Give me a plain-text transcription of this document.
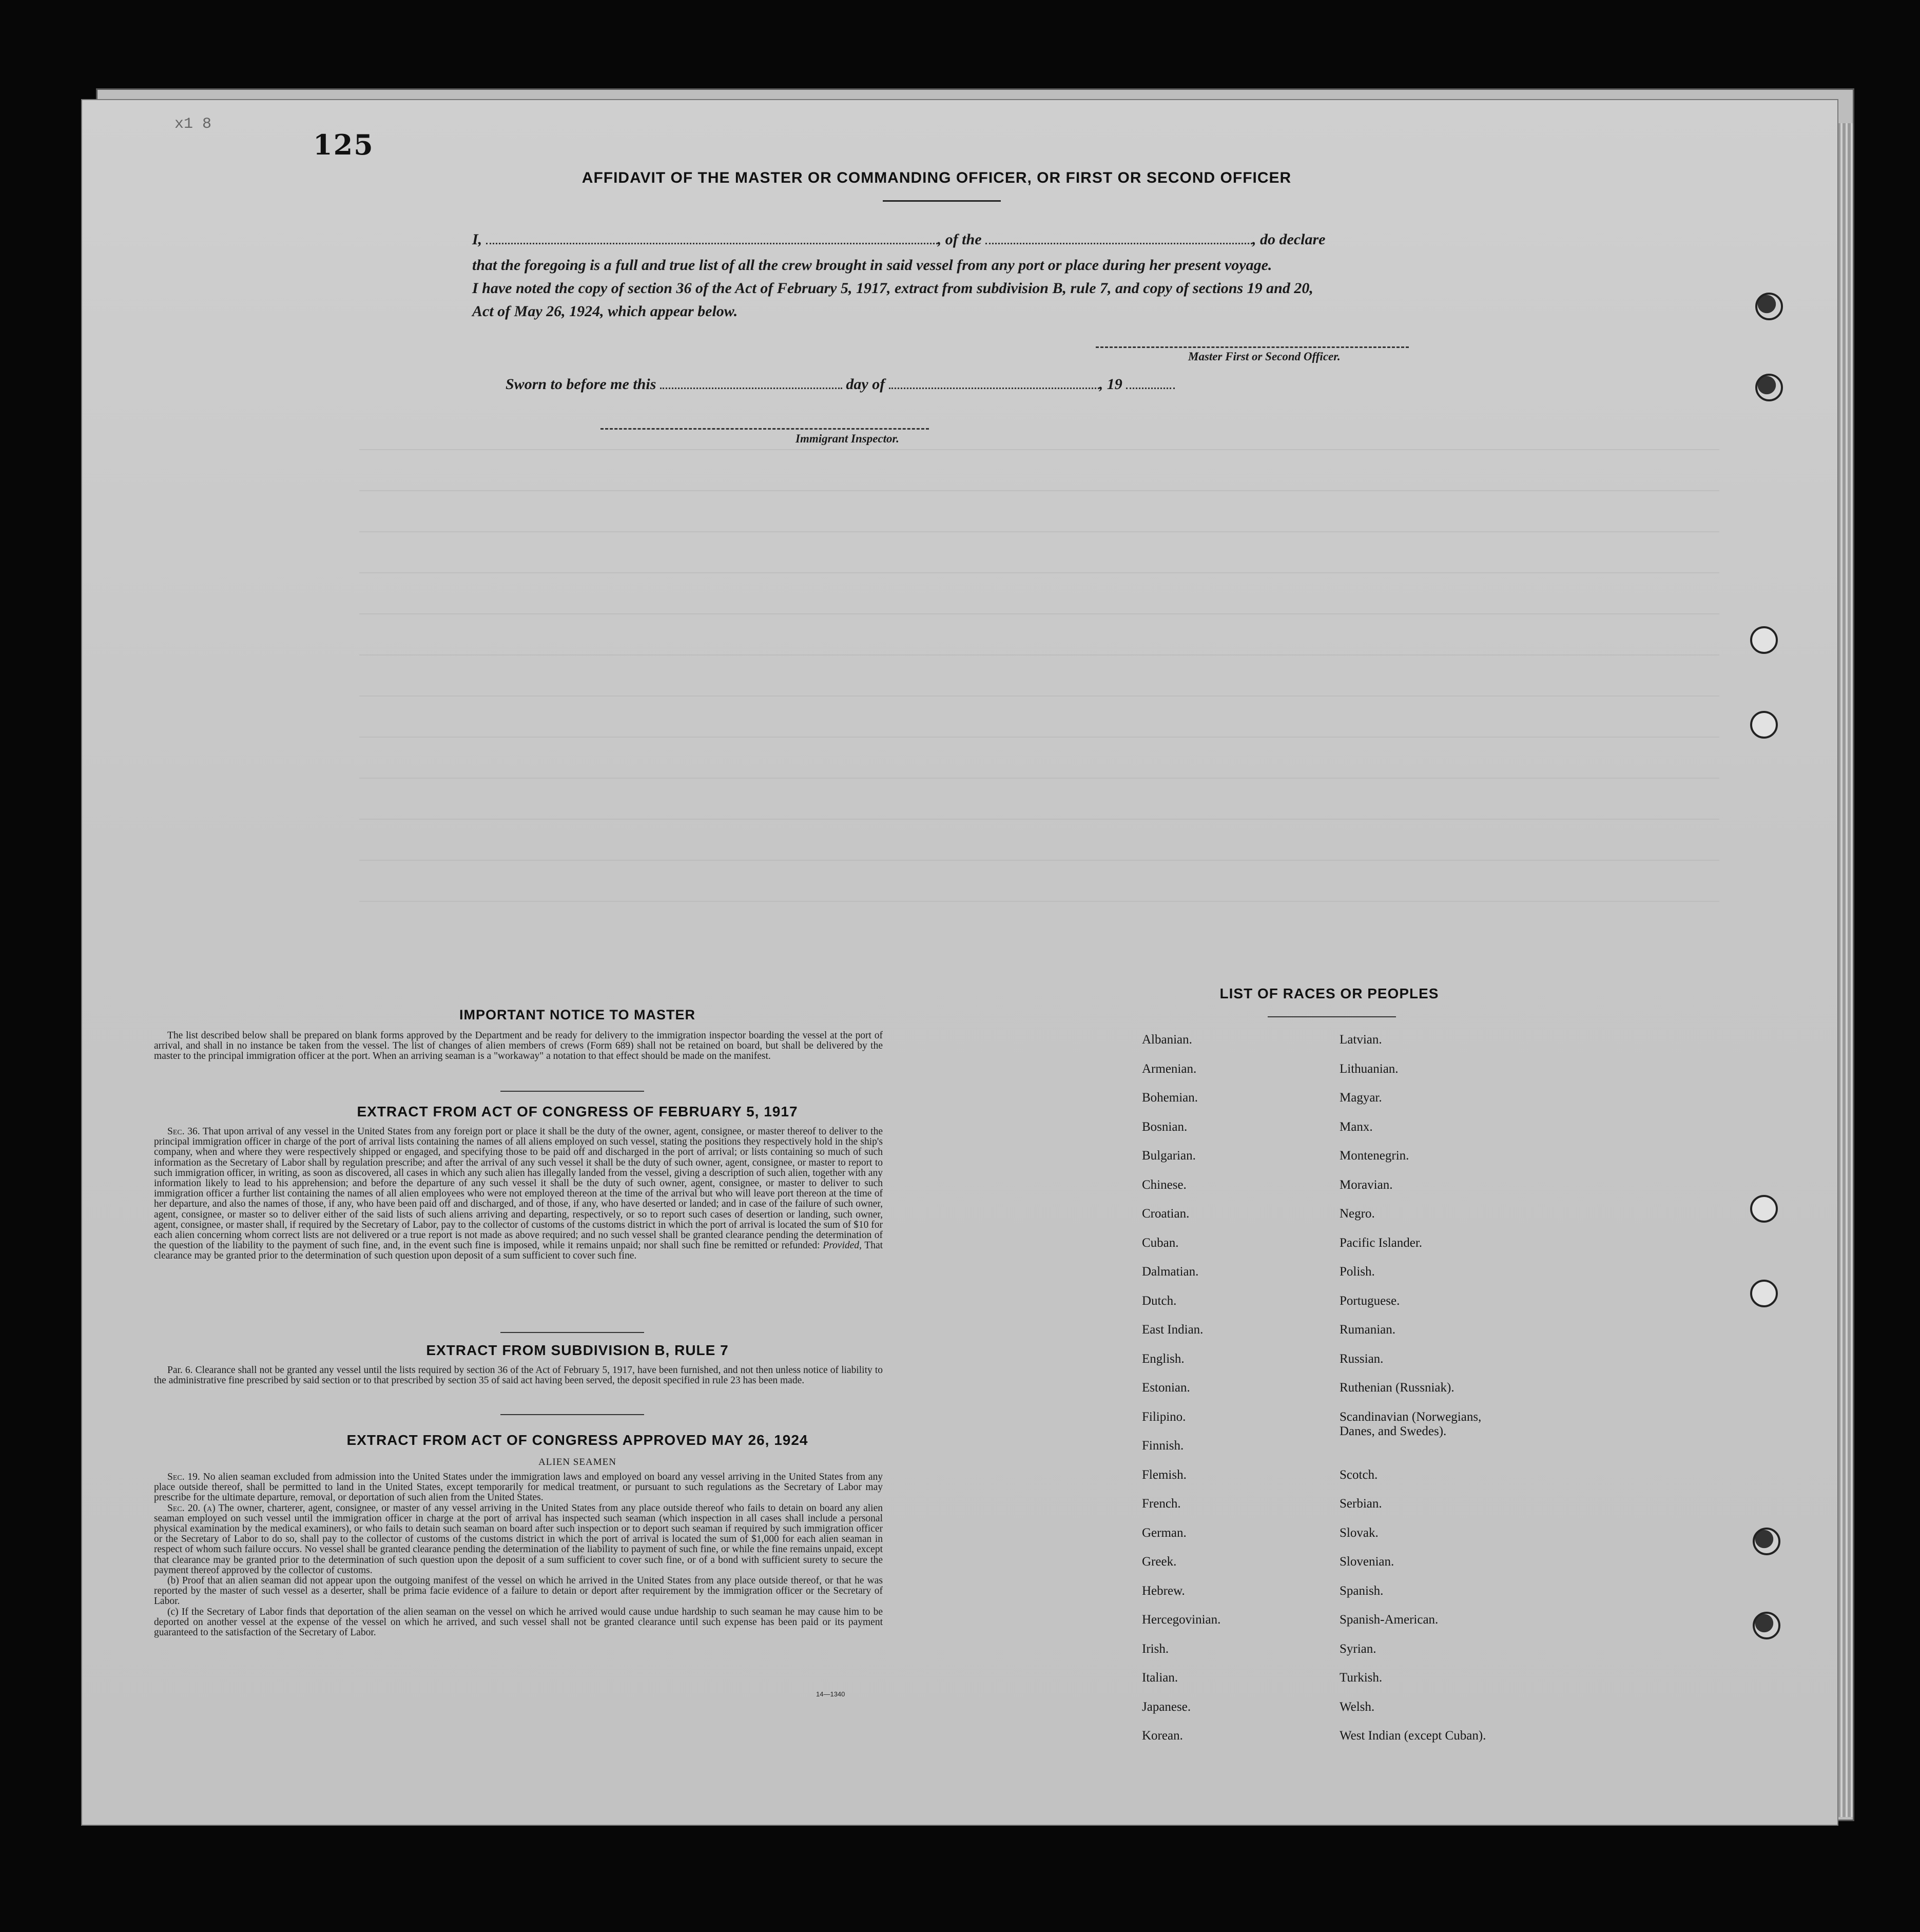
x1 8
125
AFFIDAVIT OF THE MASTER OR COMMANDING OFFICER, OR FIRST OR SECOND OFFICER
I,	, of the	, do declare
that the foregoing is a full and true list of all the crew brought in said vessel from any port or place during her present voyage.
I have noted the copy of section 36 of the Act of February 5, 1917, extract from subdivision B, rule 7, and copy of sections 19 and 20,
Act of May 26, 1924, which appear below.
Master First or Second Officer.
Sworn to before me this	day of	, 19
Immigrant Inspector.
IMPORTANT NOTICE TO MASTER

The list described below shall be prepared on blank forms approved by the Department and be ready for delivery to the immigration inspector boarding the vessel at the port of arrival, and shall in no instance be taken from the vessel. The list of changes of alien members of crews (Form 689) shall not be retained on board, but shall be delivered by the master to the principal immigration officer at the port. When an arriving seaman is a "workaway" a notation to that effect should be made on the manifest.

EXTRACT FROM ACT OF CONGRESS OF FEBRUARY 5, 1917

Sec. 36. That upon arrival of any vessel in the United States from any foreign port or place it shall be the duty of the owner, agent, consignee, or master thereof to deliver to the principal immigration officer in charge of the port of arrival lists containing the names of all aliens employed on such vessel, stating the positions they respectively hold in the ship's company, when and where they were respectively shipped or engaged, and specifying those to be paid off and discharged in the port of arrival; or lists containing so much of such information as the Secretary of Labor shall by regulation prescribe; and after the arrival of any such vessel it shall be the duty of such owner, agent, consignee, or master to report to such immigration officer, in writing, as soon as discovered, all cases in which any such alien has illegally landed from the vessel, giving a description of such alien, together with any information likely to lead to his apprehension; and before the departure of any such vessel it shall be the duty of such owner, agent, consignee, or master to deliver to such immigration officer a further list containing the names of all alien employees who were not employed thereon at the time of the arrival but who will leave port thereon at the time of her departure, and also the names of those, if any, who have been paid off and discharged, and of those, if any, who have deserted or landed; and in case of the failure of such owner, agent, consignee, or master so to deliver either of the said lists of such aliens arriving and departing, respectively, or so to report such cases of desertion or landing, such owner, agent, consignee, or master shall, if required by the Secretary of Labor, pay to the collector of customs of the customs district in which the port of arrival is located the sum of $10 for each alien concerning whom correct lists are not delivered or a true report is not made as above required; and no such vessel shall be granted clearance pending the determination of the question of the liability to the payment of such fine, and, in the event such fine is imposed, while it remains unpaid; nor shall such fine be remitted or refunded: Provided, That clearance may be granted prior to the determination of such question upon deposit of a sum sufficient to cover such fine.

EXTRACT FROM SUBDIVISION B, RULE 7

Par. 6. Clearance shall not be granted any vessel until the lists required by section 36 of the Act of February 5, 1917, have been furnished, and not then unless notice of liability to the administrative fine prescribed by said section or to that prescribed by section 35 of said act having been served, the deposit specified in rule 23 has been made.

EXTRACT FROM ACT OF CONGRESS APPROVED MAY 26, 1924
ALIEN SEAMEN

Sec. 19. No alien seaman excluded from admission into the United States under the immigration laws and employed on board any vessel arriving in the United States from any place outside thereof, shall be permitted to land in the United States, except temporarily for medical treatment, or pursuant to such regulations as the Secretary of Labor may prescribe for the ultimate departure, removal, or deportation of such alien from the United States.

Sec. 20. (a) The owner, charterer, agent, consignee, or master of any vessel arriving in the United States from any place outside thereof who fails to detain on board any alien seaman employed on such vessel until the immigration officer in charge at the port of arrival has inspected such seaman (which inspection in all cases shall include a personal physical examination by the medical examiners), or who fails to detain such seaman on board after such inspection or to deport such seaman if required by such immigration officer or the Secretary of Labor to do so, shall pay to the collector of customs of the customs district in which the port of arrival is located the sum of $1,000 for each alien seaman in respect of whom such failure occurs. No vessel shall be granted clearance pending the determination of the liability to payment of such fine, or while the fine remains unpaid, except that clearance may be granted prior to the determination of such question upon the deposit of a sum sufficient to cover such fine, or of a bond with sufficient surety to secure the payment thereof approved by the collector of customs.

(b) Proof that an alien seaman did not appear upon the outgoing manifest of the vessel on which he arrived in the United States from any place outside thereof, or that he was reported by the master of such vessel as a deserter, shall be prima facie evidence of a failure to detain or deport after requirement by the immigration officer or the Secretary of Labor.

(c) If the Secretary of Labor finds that deportation of the alien seaman on the vessel on which he arrived would cause undue hardship to such seaman he may cause him to be deported on another vessel at the expense of the vessel on which he arrived, and such vessel shall not be granted clearance until such expense has been paid or its payment guaranteed to the satisfaction of the Secretary of Labor.

14—1340
LIST OF RACES OR PEOPLES
Albanian.
Armenian.
Bohemian.
Bosnian.
Bulgarian.
Chinese.
Croatian.
Cuban.
Dalmatian.
Dutch.
East Indian.
English.
Estonian.
Filipino.
Finnish.
Flemish.
French.
German.
Greek.
Hebrew.
Hercegovinian.
Irish.
Italian.
Japanese.
Korean.
Latvian.
Lithuanian.
Magyar.
Manx.
Montenegrin.
Moravian.
Negro.
Pacific Islander.
Polish.
Portuguese.
Rumanian.
Russian.
Ruthenian (Russniak).
Scandinavian (Norwegians,
Danes, and Swedes).
Scotch.
Serbian.
Slovak.
Slovenian.
Spanish.
Spanish-American.
Syrian.
Turkish.
Welsh.
West Indian (except Cuban).
